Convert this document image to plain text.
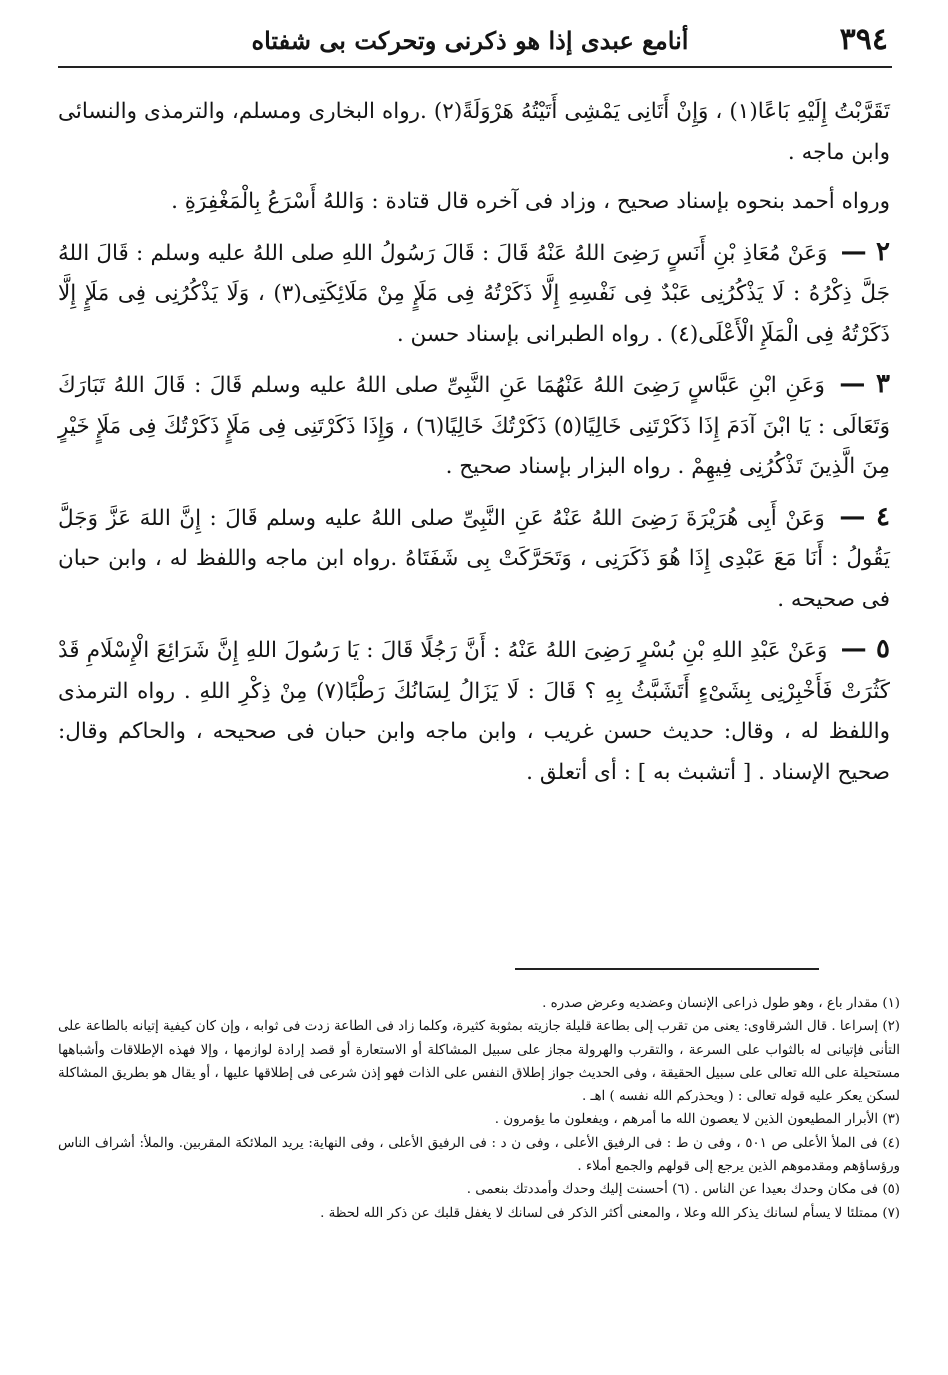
٣٩٤
أنامع عبدى إذا هو ذكرنى وتحركت بى شفتاه

تَقَرَّبْتُ إِلَيْهِ بَاعًا(١) ، وَإِنْ أَتَانِى يَمْشِى أَتَيْتُهُ هَرْوَلَةً(٢) .رواه البخارى ومسلم، والترمذى والنسائى وابن ماجه .

ورواه أحمد بنحوه بإسناد صحيح ، وزاد فى آخره قال قتادة : وَاللهُ أَسْرَعُ بِالْمَغْفِرَةِ .

٢ — وَعَنْ مُعَاذِ بْنِ أَنَسٍ رَضِىَ اللهُ عَنْهُ قَالَ : قَالَ رَسُولُ اللهِ صلى اللهُ عليه وسلم : قَالَ اللهُ جَلَّ ذِكْرُهُ : لَا يَذْكُرُنِى عَبْدٌ فِى نَفْسِهِ إِلَّا ذَكَرْتُهُ فِى مَلَإٍ مِنْ مَلَائِكَتِى(٣) ، وَلَا يَذْكُرُنِى فِى مَلَإٍ إِلَّا ذَكَرْتُهُ فِى الْمَلَإِ الْأَعْلَى(٤) . رواه الطبرانى بإسناد حسن .

٣ — وَعَنِ ابْنِ عَبَّاسٍ رَضِىَ اللهُ عَنْهُمَا عَنِ النَّبِىِّ صلى اللهُ عليه وسلم قَالَ : قَالَ اللهُ تَبَارَكَ وَتَعَالَى : يَا ابْنَ آدَمَ إِذَا ذَكَرْتَنِى خَالِيًا(٥) ذَكَرْتُكَ خَالِيًا(٦) ، وَإِذَا ذَكَرْتَنِى فِى مَلَإٍ ذَكَرْتُكَ فِى مَلَإٍ خَيْرٍ مِنَ الَّذِينَ تَذْكُرُنِى فِيهِمْ . رواه البزار بإسناد صحيح .

٤ — وَعَنْ أَبِى هُرَيْرَةَ رَضِىَ اللهُ عَنْهُ عَنِ النَّبِىِّ صلى اللهُ عليه وسلم قَالَ : إِنَّ اللهَ عَزَّ وَجَلَّ يَقُولُ : أَنَا مَعَ عَبْدِى إِذَا هُوَ ذَكَرَنِى ، وَتَحَرَّكَتْ بِى شَفَتَاهُ .رواه ابن ماجه واللفظ له ، وابن حبان فى صحيحه .

٥ — وَعَنْ عَبْدِ اللهِ بْنِ بُسْرٍ رَضِىَ اللهُ عَنْهُ : أَنَّ رَجُلًا قَالَ : يَا رَسُولَ اللهِ إِنَّ شَرَائِعَ الْإِسْلَامِ قَدْ كَثُرَتْ فَأَخْبِرْنِى بِشَىْءٍ أَتَشَبَّثُ بِهِ ؟ قَالَ : لَا يَزَالُ لِسَانُكَ رَطْبًا(٧) مِنْ ذِكْرِ اللهِ . رواه الترمذى واللفظ له ، وقال: حديث حسن غريب ، وابن ماجه وابن حبان فى صحيحه ، والحاكم وقال: صحيح الإسناد . [ أتشبث به ] : أى أتعلق .

(١) مقدار باع ، وهو طول ذراعى الإنسان وعضديه وعرض صدره .

(٢) إسراعا . قال الشرقاوى: يعنى من تقرب إلى بطاعة قليلة جازيته بمثوبة كثيرة، وكلما زاد فى الطاعة زدت فى ثوابه ، وإن كان كيفية إتيانه بالطاعة على التأنى فإتيانى له بالثواب على السرعة ، والتقرب والهرولة مجاز على سبيل المشاكلة أو الاستعارة أو قصد إرادة لوازمها ، وإلا فهذه الإطلاقات وأشباهها مستحيلة على الله تعالى على سبيل الحقيقة ، وفى الحديث جواز إطلاق النفس على الذات فهو إذن شرعى فى إطلاقها عليها ، أو يقال هو بطريق المشاكلة لسكن يعكر عليه قوله تعالى : ( ويحذركم الله نفسه ) اهـ .

(٣) الأبرار المطيعون الذين لا يعصون الله ما أمرهم ، ويفعلون ما يؤمرون .

(٤) فى الملأ الأعلى ص ٥٠١ ، وفى ن ط : فى الرفيق الأعلى ، وفى ن د : فى الرفيق الأعلى ، وفى النهاية: يريد الملائكة المقربين. والملأ: أشراف الناس ورؤساؤهم ومقدموهم الذين يرجع إلى قولهم والجمع أملاء .

(٥) فى مكان وحدك بعيدا عن الناس . (٦) أحسنت إليك وحدك وأمددتك بنعمى .

(٧) ممتلئا لا يسأم لسانك يذكر الله وعلا ، والمعنى أكثر الذكر فى لسانك لا يغفل قلبك عن ذكر الله لحظة .
